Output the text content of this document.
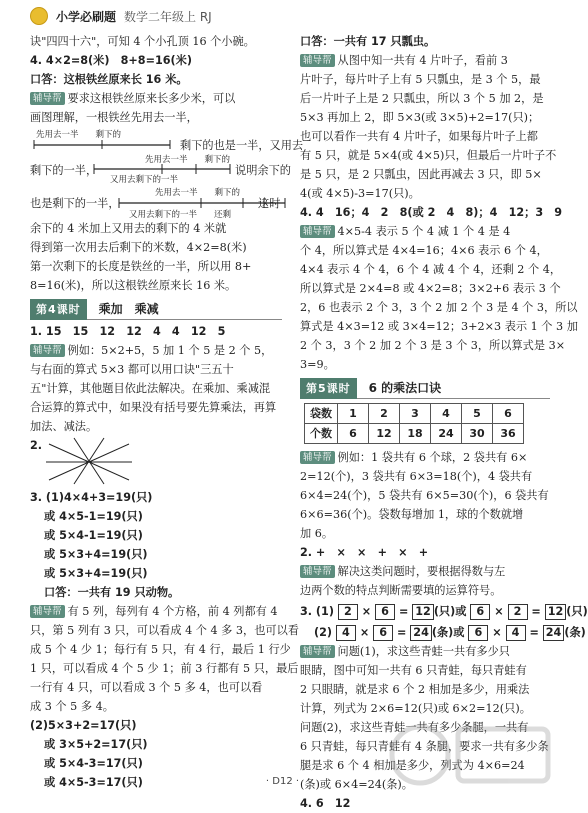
小学必刷题 数学二年级上 RJ
诀"四四十六"，可知 4 个小孔顶 16 个小碗。
4. 4×2=8(米)　8+8=16(米)
口答：这根铁丝原来长 16 米。
辅导帮 要求这根铁丝原来长多少米，可以
画图理解，一根铁丝先用去一半，
先用去一半　　剩下的
剩下的也是一半，又用去
先用去一半　　剩下的
又用去剩下的一半
剩下的一半，	说明余下的
先用去一半　　剩下的
又用去剩下的一半　　还剩
也是剩下的一半，	这时
余下的 4 米加上又用去的剩下的 4 米就
得到第一次用去后剩下的米数，4×2=8(米)
第一次剩下的长度是铁丝的一半，所以用 8+
8=16(米)，所以这根铁丝原来长 16 米。
第4课时	乘加　乘减
1. 15　15　12　12　4　4　12　5
辅导帮 例如：5×2+5，5 加 1 个 5 是 2 个 5，
与右面的算式 5×3 都可以用口诀"三五十
五"计算，其他题目依此法解决。在乘加、乘减混
合运算的算式中，如果没有括号要先算乘法，再算
加法、减法。
2.
3. (1)4×4+3=19(只)
或 4×5-1=19(只)
或 5×4-1=19(只)
或 5×3+4=19(只)
或 5×3+4=19(只)
口答：一共有 19 只动物。
辅导帮 有 5 列，每列有 4 个方格，前 4 列都有 4
只，第 5 列有 3 只，可以看成 4 个 4 多 3，也可以看
成 5 个 4 少 1；每行有 5 只，有 4 行，最后 1 行少
1 只，可以看成 4 个 5 少 1；前 3 行都有 5 只，最后
一行有 4 只，可以看成 3 个 5 多 4，也可以看
成 3 个 5 多 4。
(2)5×3+2=17(只)
或 3×5+2=17(只)
或 5×4-3=17(只)
或 4×5-3=17(只)
口答：一共有 17 只瓢虫。
辅导帮 从图中知一共有 4 片叶子，看前 3
片叶子，每片叶子上有 5 只瓢虫，是 3 个 5，最
后一片叶子上是 2 只瓢虫，所以 3 个 5 加 2，是
5×3 再加上 2，即 5×3(或 3×5)+2=17(只)；
也可以看作一共有 4 片叶子，如果每片叶子上都
有 5 只，就是 5×4(或 4×5)只，但最后一片叶子不
是 5 只，是 2 只瓢虫，因此再减去 3 只，即 5×
4(或 4×5)-3=17(只)。
4. 4　16；4　2　8(或 2　4　8)；4　12；3　9
辅导帮 4×5-4 表示 5 个 4 减 1 个 4 是 4
个 4，所以算式是 4×4=16；4×6 表示 6 个 4，
4×4 表示 4 个 4，6 个 4 减 4 个 4，还剩 2 个 4，
所以算式是 2×4=8 或 4×2=8；3×2+6 表示 3 个
2，6 也表示 2 个 3，3 个 2 加 2 个 3 是 4 个 3，所以
算式是 4×3=12 或 3×4=12；3+2×3 表示 1 个 3 加
2 个 3，3 个 2 加 2 个 3 是 3 个 3，所以算式是 3×
3=9。
第5课时	6 的乘法口诀
袋数	1	2	3	4	5	6
个数	6	12	18	24	30	36
辅导帮 例如：1 袋共有 6 个球，2 袋共有 6×
2=12(个)，3 袋共有 6×3=18(个)，4 袋共有
6×4=24(个)，5 袋共有 6×5=30(个)，6 袋共有
6×6=36(个)。袋数每增加 1，球的个数就增
加 6。
2. +　×　×　+　×　+
辅导帮 解决这类问题时，要根据得数与左
边两个数的特点判断需要填的运算符号。
3. (1) 2 × 6 = 12 (只)或 6 × 2 = 12 (只)
(2) 4 × 6 = 24 (条)或 6 × 4 = 24 (条)
辅导帮 问题(1)，求这些青蛙一共有多少只
眼睛，图中可知一共有 6 只青蛙，每只青蛙有
2 只眼睛，就是求 6 个 2 相加是多少，用乘法
计算，列式为 2×6=12(只)或 6×2=12(只)。
问题(2)，求这些青蛙一共有多少条腿，一共有
6 只青蛙，每只青蛙有 4 条腿，要求一共有多少条
腿是求 6 个 4 相加是多少，列式为 4×6=24
(条)或 6×4=24(条)。
4. 6　12
· D12 ·
